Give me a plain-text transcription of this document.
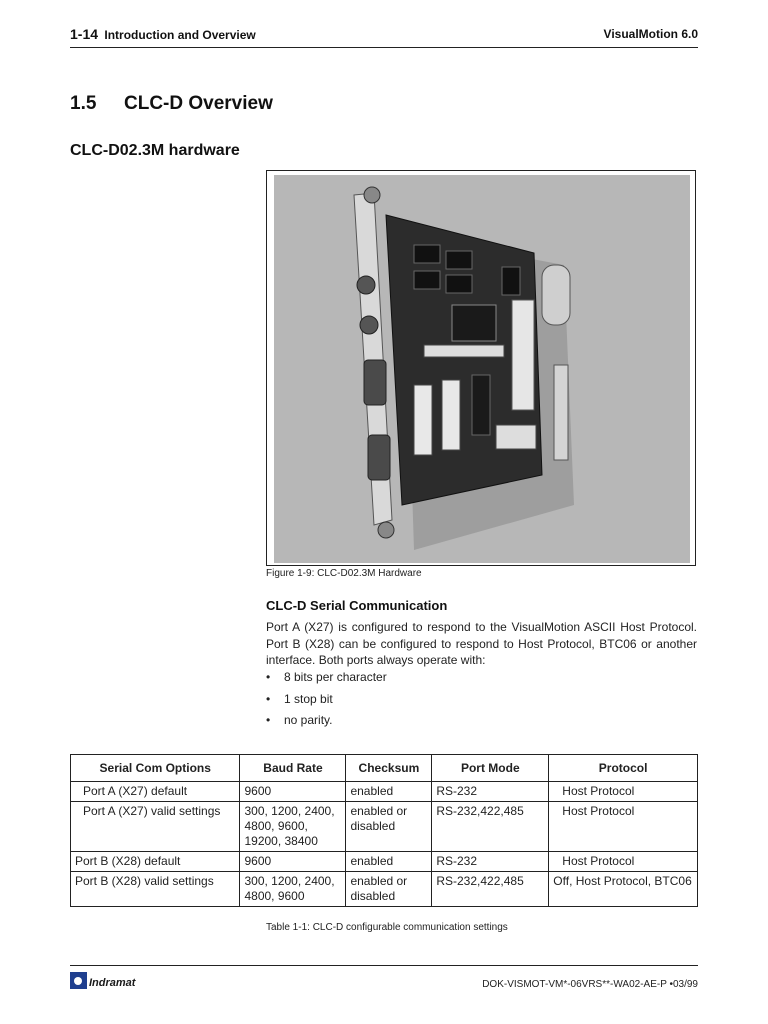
1-14 Introduction and Overview	VisualMotion 6.0
1.5 CLC-D Overview
CLC-D02.3M hardware
Figure 1-9: CLC-D02.3M Hardware
CLC-D Serial Communication
Port A (X27) is configured to respond to the VisualMotion ASCII Host Protocol. Port B (X28) can be configured to respond to Host Protocol, BTC06 or another interface. Both ports always operate with:
• 8 bits per character
• 1 stop bit
• no parity.
Serial Com Options	Baud Rate	Checksum	Port Mode	Protocol
Port A (X27) default	9600	enabled	RS-232	Host Protocol
Port A (X27) valid settings	300, 1200, 2400, 4800, 9600, 19200, 38400	enabled or disabled	RS-232,422,485	Host Protocol
Port B (X28) default	9600	enabled	RS-232	Host Protocol
Port B (X28) valid settings	300, 1200, 2400, 4800, 9600	enabled or disabled	RS-232,422,485	Off, Host Protocol, BTC06
Table 1-1: CLC-D configurable communication settings
Indramat	DOK-VISMOT-VM*-06VRS**-WA02-AE-P •03/99
